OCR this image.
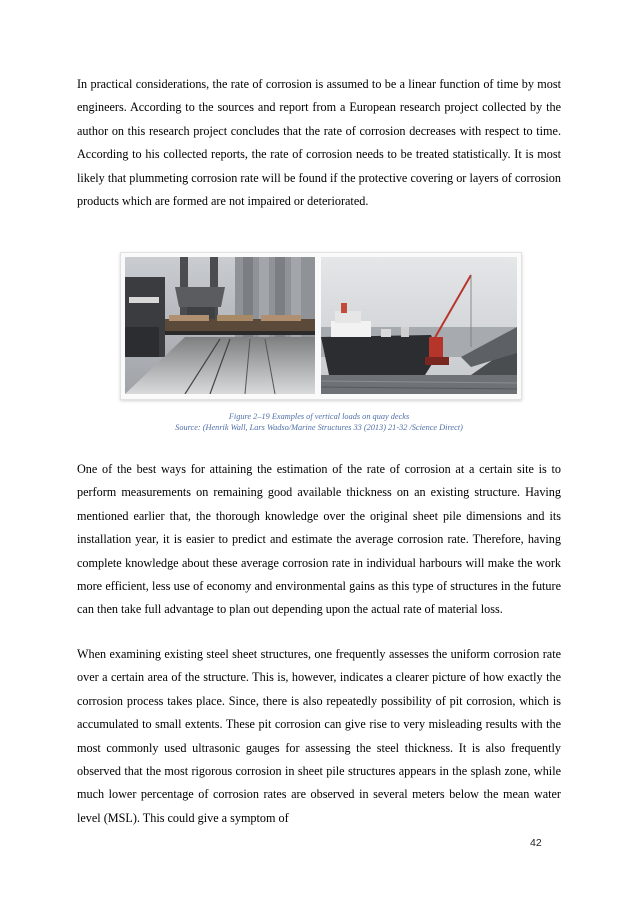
In practical considerations, the rate of corrosion is assumed to be a linear function of time by most engineers. According to the sources and report from a European research project collected by the author on this research project concludes that the rate of corrosion decreases with respect to time. According to his collected reports, the rate of corrosion needs to be treated statistically. It is most likely that plummeting corrosion rate will be found if the protective covering or layers of corrosion products which are formed are not impaired or deteriorated.

Figure 2–19 Examples of vertical loads on quay decks

Source: (Henrik Wall, Lars Wadso/Marine Structures 33 (2013) 21-32 /Science Direct)

One of the best ways for attaining the estimation of the rate of corrosion at a certain site is to perform measurements on remaining good available thickness on an existing structure. Having mentioned earlier that, the thorough knowledge over the original sheet pile dimensions and its installation year, it is easier to predict and estimate the average corrosion rate. Therefore, having complete knowledge about these average corrosion rate in individual harbours will make the work more efficient, less use of economy and environmental gains as this type of structures in the future can then take full advantage to plan out depending upon the actual rate of material loss.

When examining existing steel sheet structures, one frequently assesses the uniform corrosion rate over a certain area of the structure. This is, however, indicates a clearer picture of how exactly the corrosion process takes place. Since, there is also repeatedly possibility of pit corrosion, which is accumulated to small extents. These pit corrosion can give rise to very misleading results with the most commonly used ultrasonic gauges for assessing the steel thickness. It is also frequently observed that the most rigorous corrosion in sheet pile structures appears in the splash zone, while much lower percentage of corrosion rates are observed in several meters below the mean water level (MSL). This could give a symptom of

42
